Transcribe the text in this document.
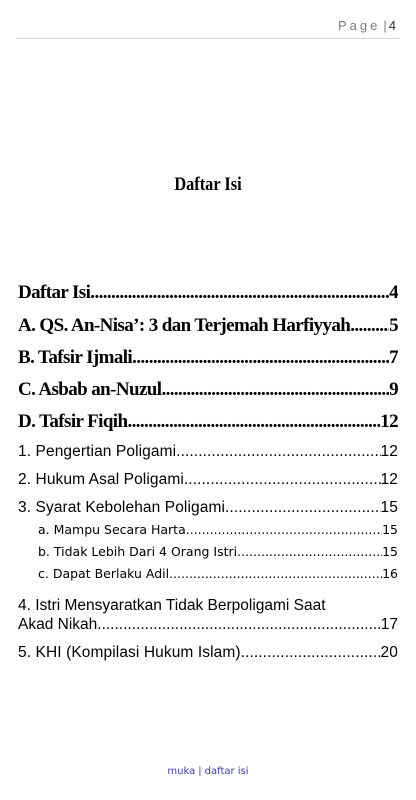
Page | 4
Daftar Isi
Daftar Isi .....	4
A. QS. An-Nisa’: 3 dan Terjemah Harfiyyah ..... 5
B. Tafsir Ijmali .....	7
C. Asbab an-Nuzul .....	9
D. Tafsir Fiqih .....	12
1. Pengertian Poligami .....	12
2. Hukum Asal Poligami .....	12
3. Syarat Kebolehan Poligami .....	15
a. Mampu Secara Harta .....	15
b. Tidak Lebih Dari 4 Orang Istri .....	15
c. Dapat Berlaku Adil .....	16
4. Istri Mensyaratkan Tidak Berpoligami Saat
Akad Nikah .....	17
5. KHI (Kompilasi Hukum Islam) .....	20
muka | daftar isi
